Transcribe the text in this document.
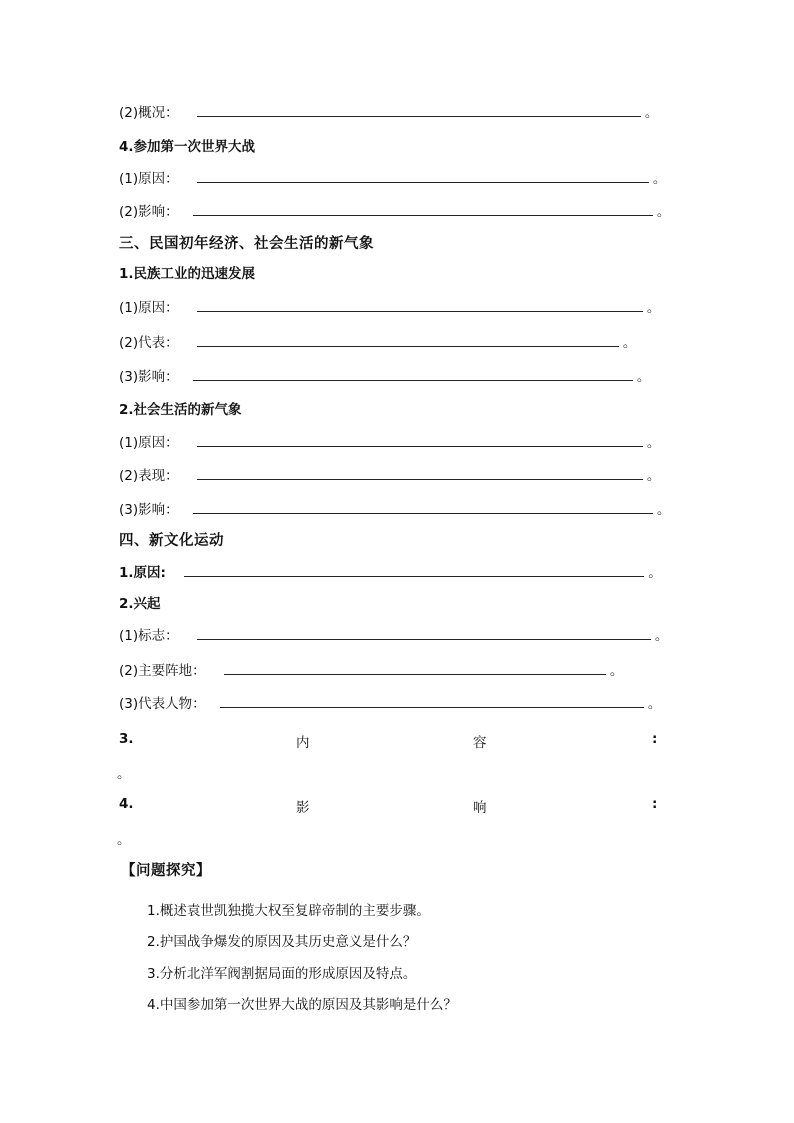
(2)概况：	。
4.参加第一次世界大战
(1)原因：	。
(2)影响：	。
三、民国初年经济、社会生活的新气象
1.民族工业的迅速发展
(1)原因：	。
(2)代表：	。
(3)影响：	。
2.社会生活的新气象
(1)原因：	。
(2)表现：	。
(3)影响：	。
四、新文化运动
1.原因:	。
2.兴起
(1)标志：	。
(2)主要阵地：	。
(3)代表人物：	。
3.	内	容	:
。
4.	影	响	:
。
【问题探究】
1.概述袁世凯独揽大权至复辟帝制的主要步骤。
2.护国战争爆发的原因及其历史意义是什么？
3.分析北洋军阀割据局面的形成原因及特点。
4.中国参加第一次世界大战的原因及其影响是什么？
